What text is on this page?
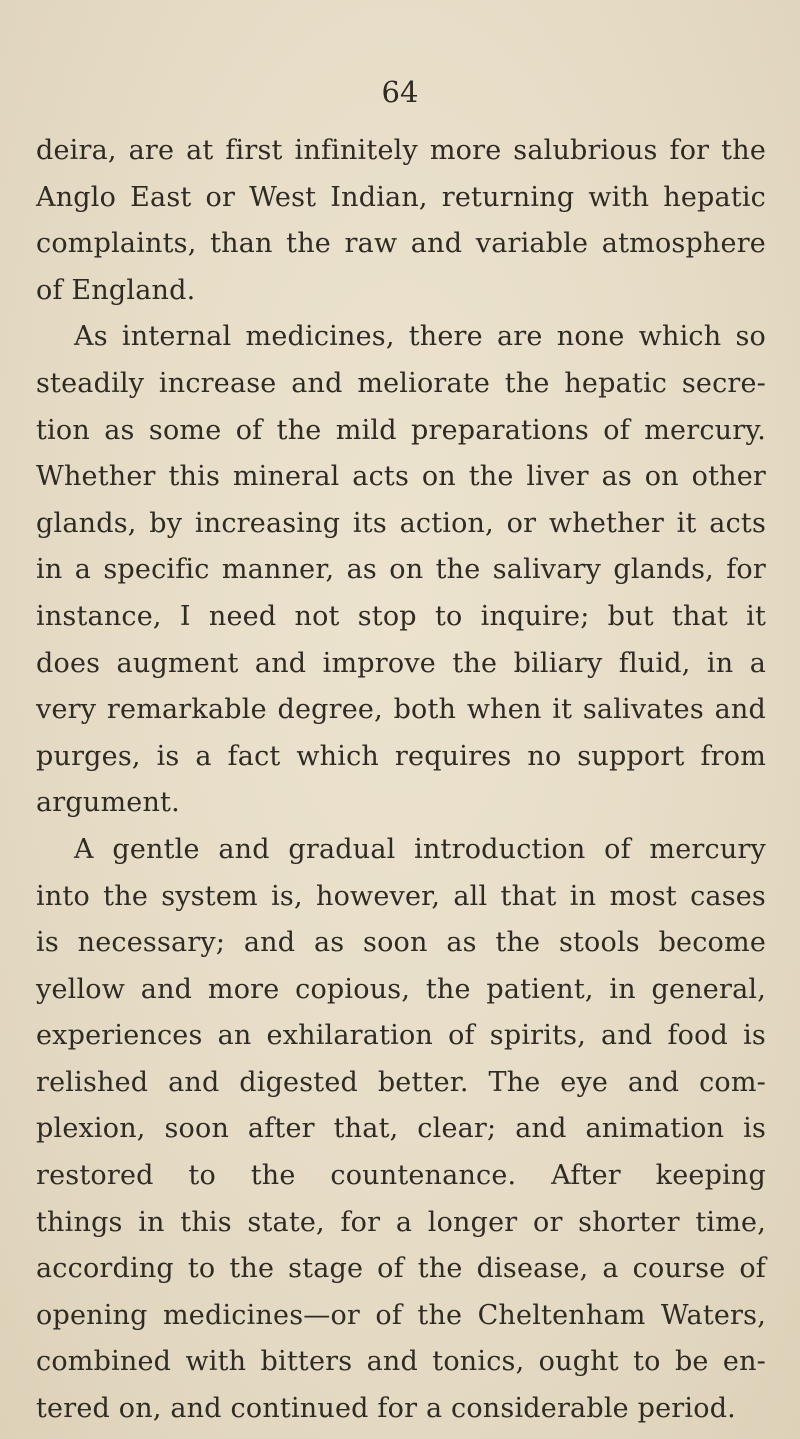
64

deira, are at first infinitely more salubrious for the
Anglo East or West Indian, returning with hepatic
complaints, than the raw and variable atmosphere
of England.
As internal medicines, there are none which so
steadily increase and meliorate the hepatic secre-
tion as some of the mild preparations of mercury.
Whether this mineral acts on the liver as on other
glands, by increasing its action, or whether it acts
in a specific manner, as on the salivary glands, for
instance, I need not stop to inquire; but that it
does augment and improve the biliary fluid, in a
very remarkable degree, both when it salivates and
purges, is a fact which requires no support from
argument.
A gentle and gradual introduction of mercury
into the system is, however, all that in most cases
is necessary; and as soon as the stools become
yellow and more copious, the patient, in general,
experiences an exhilaration of spirits, and food is
relished and digested better. The eye and com-
plexion, soon after that, clear; and animation is
restored to the countenance. After keeping
things in this state, for a longer or shorter time,
according to the stage of the disease, a course of
opening medicines—or of the Cheltenham Waters,
combined with bitters and tonics, ought to be en-
tered on, and continued for a considerable period.
